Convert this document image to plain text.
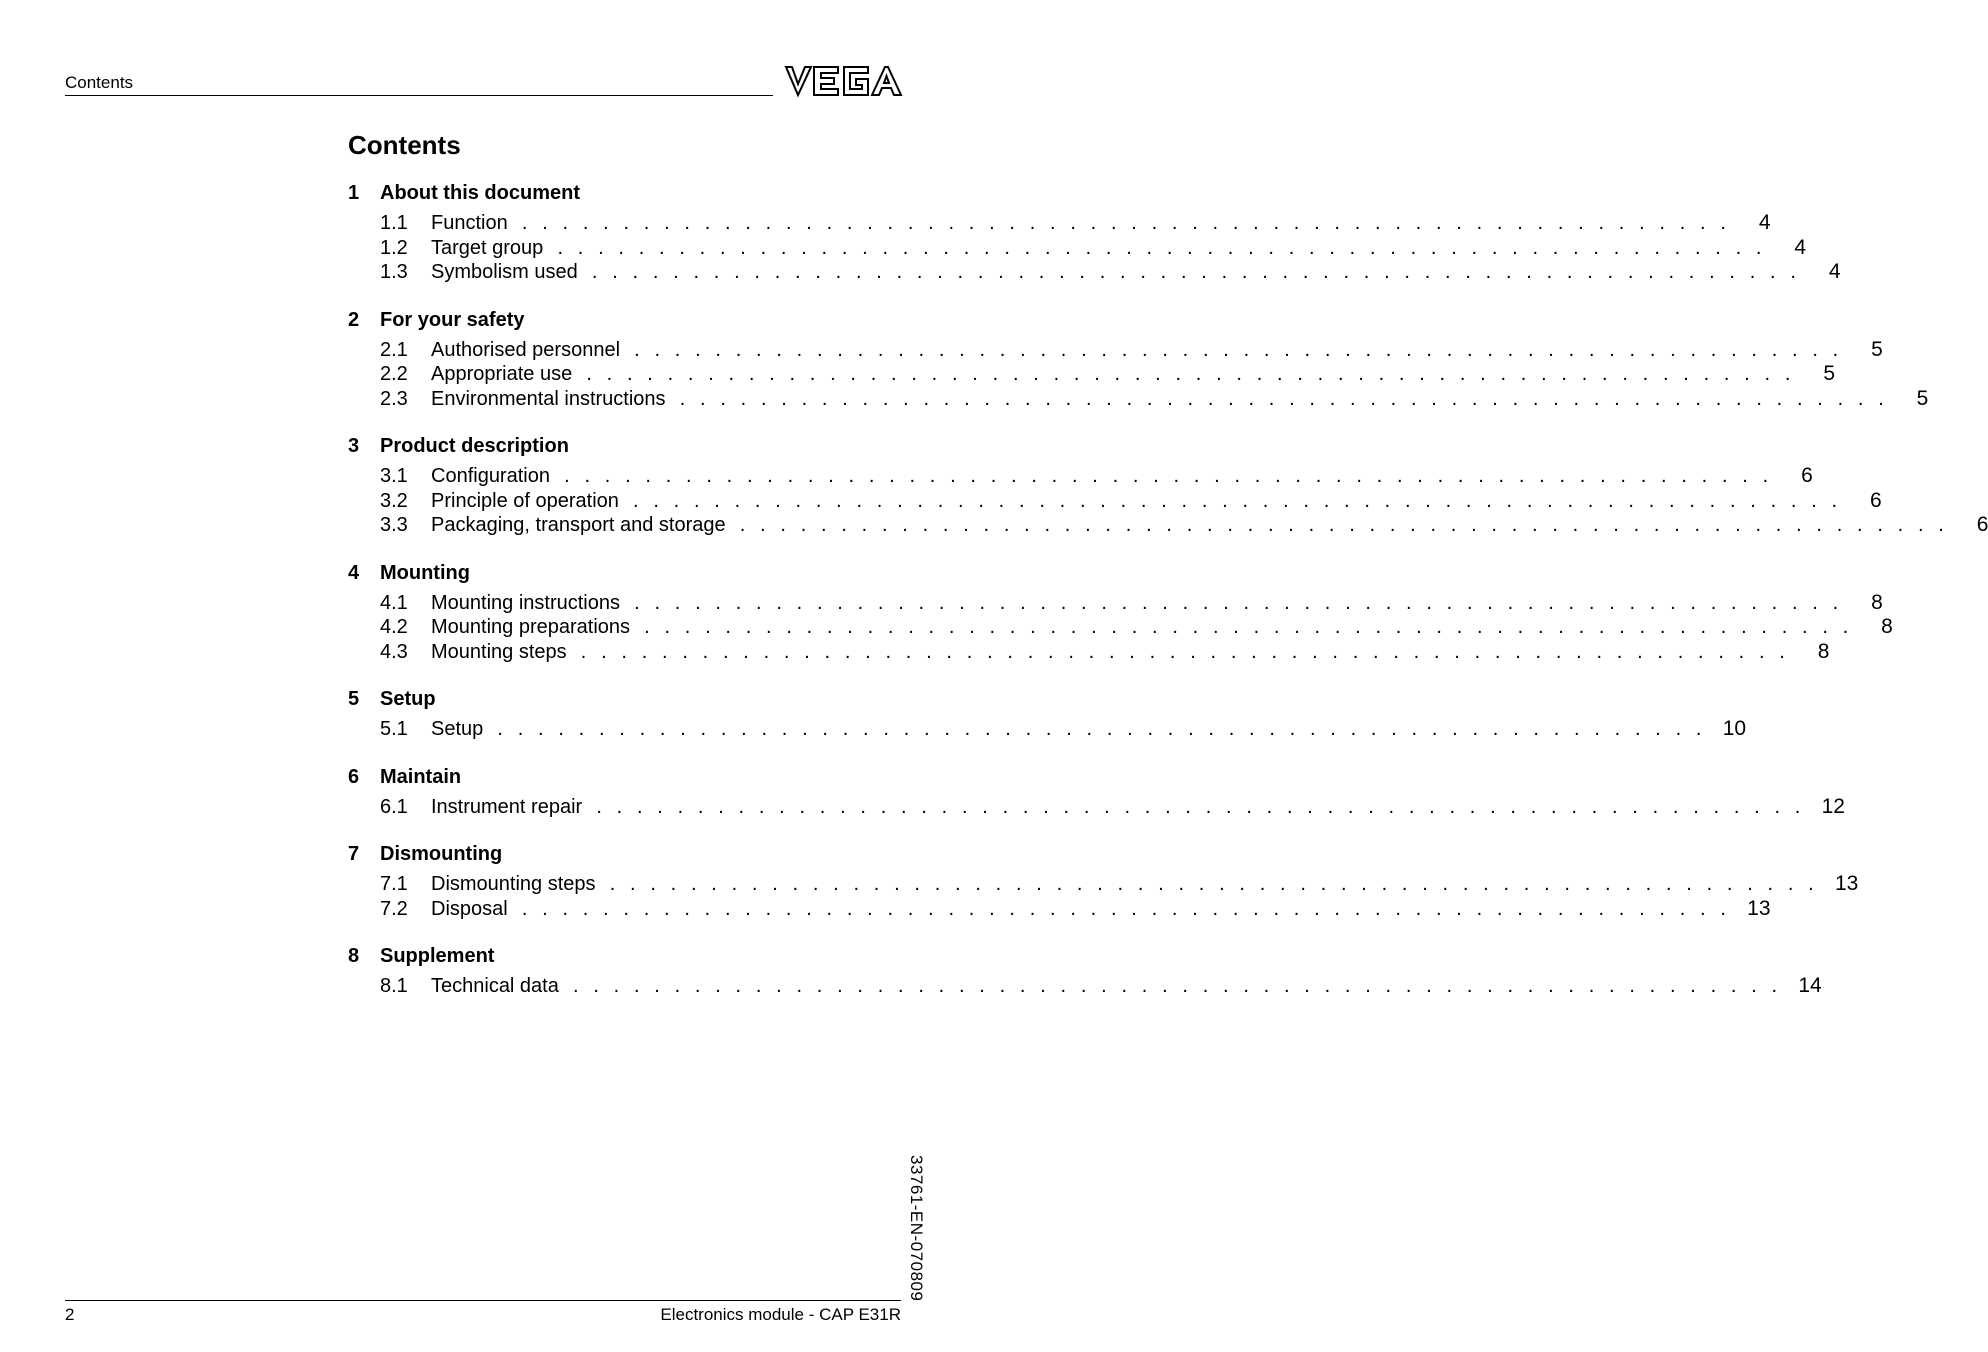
Contents
Contents
1	About this document
1.1	Function . . . . . . . . . . . . . . . . . . . . . . . . . . . . . . . . . . . . . . . . . . . . . . . . . . . . . . . . . . . .	4
1.2	Target group . . . . . . . . . . . . . . . . . . . . . . . . . . . . . . . . . . . . . . . . . . . . . . . . . . . . . . . . . . . .	4
1.3	Symbolism used . . . . . . . . . . . . . . . . . . . . . . . . . . . . . . . . . . . . . . . . . . . . . . . . . . . . . . . . . . . .	4
2	For your safety
2.1	Authorised personnel . . . . . . . . . . . . . . . . . . . . . . . . . . . . . . . . . . . . . . . . . . . . . . . . . . . . . . . . . . . .	5
2.2	Appropriate use . . . . . . . . . . . . . . . . . . . . . . . . . . . . . . . . . . . . . . . . . . . . . . . . . . . . . . . . . . . .	5
2.3	Environmental instructions . . . . . . . . . . . . . . . . . . . . . . . . . . . . . . . . . . . . . . . . . . . . . . . . . . . . . . . . . . . .	5
3	Product description
3.1	Configuration . . . . . . . . . . . . . . . . . . . . . . . . . . . . . . . . . . . . . . . . . . . . . . . . . . . . . . . . . . . .	6
3.2	Principle of operation . . . . . . . . . . . . . . . . . . . . . . . . . . . . . . . . . . . . . . . . . . . . . . . . . . . . . . . . . . . .	6
3.3	Packaging, transport and storage . . . . . . . . . . . . . . . . . . . . . . . . . . . . . . . . . . . . . . . . . . . . . . . . . . . . . . . . . . . .	6
4	Mounting
4.1	Mounting instructions . . . . . . . . . . . . . . . . . . . . . . . . . . . . . . . . . . . . . . . . . . . . . . . . . . . . . . . . . . . .	8
4.2	Mounting preparations . . . . . . . . . . . . . . . . . . . . . . . . . . . . . . . . . . . . . . . . . . . . . . . . . . . . . . . . . . . .	8
4.3	Mounting steps . . . . . . . . . . . . . . . . . . . . . . . . . . . . . . . . . . . . . . . . . . . . . . . . . . . . . . . . . . . .	8
5	Setup
5.1	Setup . . . . . . . . . . . . . . . . . . . . . . . . . . . . . . . . . . . . . . . . . . . . . . . . . . . . . . . . . . . . 10
6	Maintain
6.1	Instrument repair . . . . . . . . . . . . . . . . . . . . . . . . . . . . . . . . . . . . . . . . . . . . . . . . . . . . . . . . . . . . 12
7	Dismounting
7.1	Dismounting steps . . . . . . . . . . . . . . . . . . . . . . . . . . . . . . . . . . . . . . . . . . . . . . . . . . . . . . . . . . . . 13
7.2	Disposal . . . . . . . . . . . . . . . . . . . . . . . . . . . . . . . . . . . . . . . . . . . . . . . . . . . . . . . . . . . . 13
8	Supplement
8.1	Technical data . . . . . . . . . . . . . . . . . . . . . . . . . . . . . . . . . . . . . . . . . . . . . . . . . . . . . . . . . . . . 14
33761-EN-070809
2	Electronics module - CAP E31R
